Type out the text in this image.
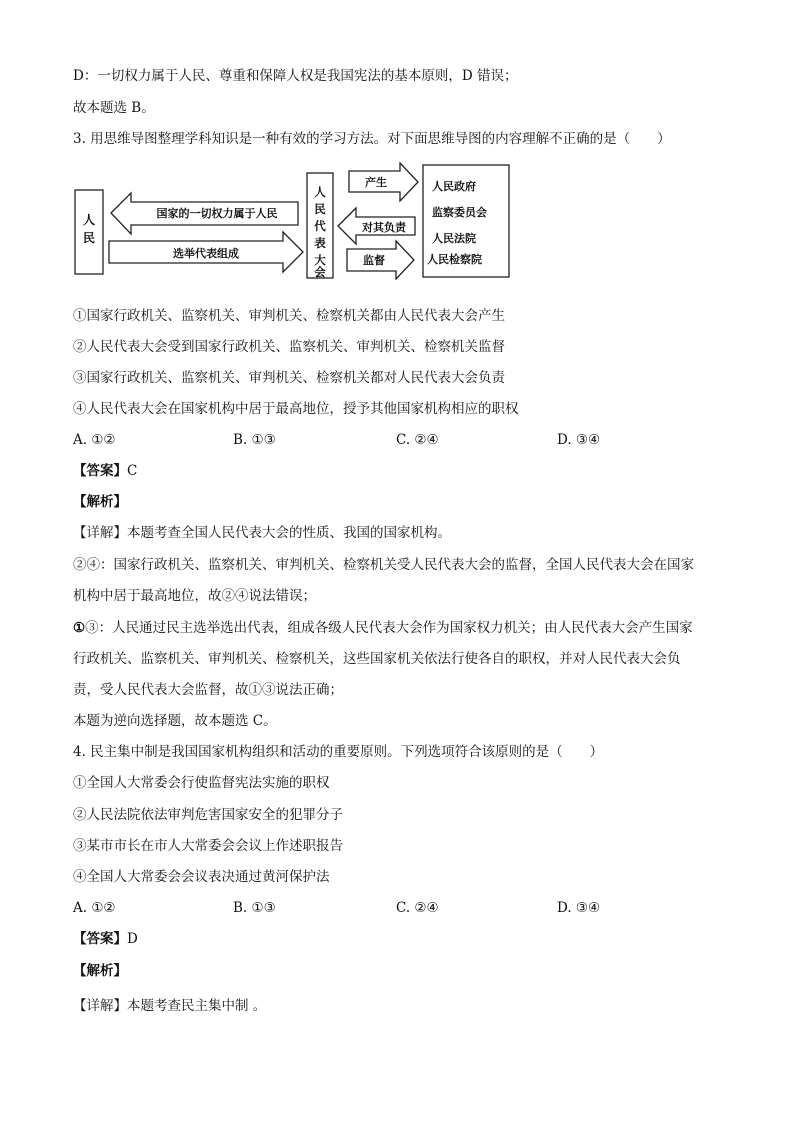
D：一切权力属于人民、尊重和保障人权是我国宪法的基本原则，D 错误；
故本题选 B。
3. 用思维导图整理学科知识是一种有效的学习方法。对下面思维导图的内容理解不正确的是（　　）
人
民
国家的一切权力属于人民
选举代表组成
人
民
代
表
大
会
产生
对其负责
监督
人民政府
监察委员会
人民法院
人民检察院
①国家行政机关、监察机关、审判机关、检察机关都由人民代表大会产生
②人民代表大会受到国家行政机关、监察机关、审判机关、检察机关监督
③国家行政机关、监察机关、审判机关、检察机关都对人民代表大会负责
④人民代表大会在国家机构中居于最高地位，授予其他国家机构相应的职权
A. ①②	B. ①③	C. ②④	D. ③④
【答案】C
【解析】
【详解】本题考查全国人民代表大会的性质、我国的国家机构。
②④：国家行政机关、监察机关、审判机关、检察机关受人民代表大会的监督，全国人民代表大会在国家
机构中居于最高地位，故②④说法错误；
①③：人民通过民主选举选出代表，组成各级人民代表大会作为国家权力机关；由人民代表大会产生国家
行政机关、监察机关、审判机关、检察机关，这些国家机关依法行使各自的职权，并对人民代表大会负
责，受人民代表大会监督，故①③说法正确；
本题为逆向选择题，故本题选 C。
4. 民主集中制是我国国家机构组织和活动的重要原则。下列选项符合该原则的是（　　）
①全国人大常委会行使监督宪法实施的职权
②人民法院依法审判危害国家安全的犯罪分子
③某市市长在市人大常委会会议上作述职报告
④全国人大常委会会议表决通过黄河保护法
A. ①②	B. ①③	C. ②④	D. ③④
【答案】D
【解析】
【详解】本题考查民主集中制 。
